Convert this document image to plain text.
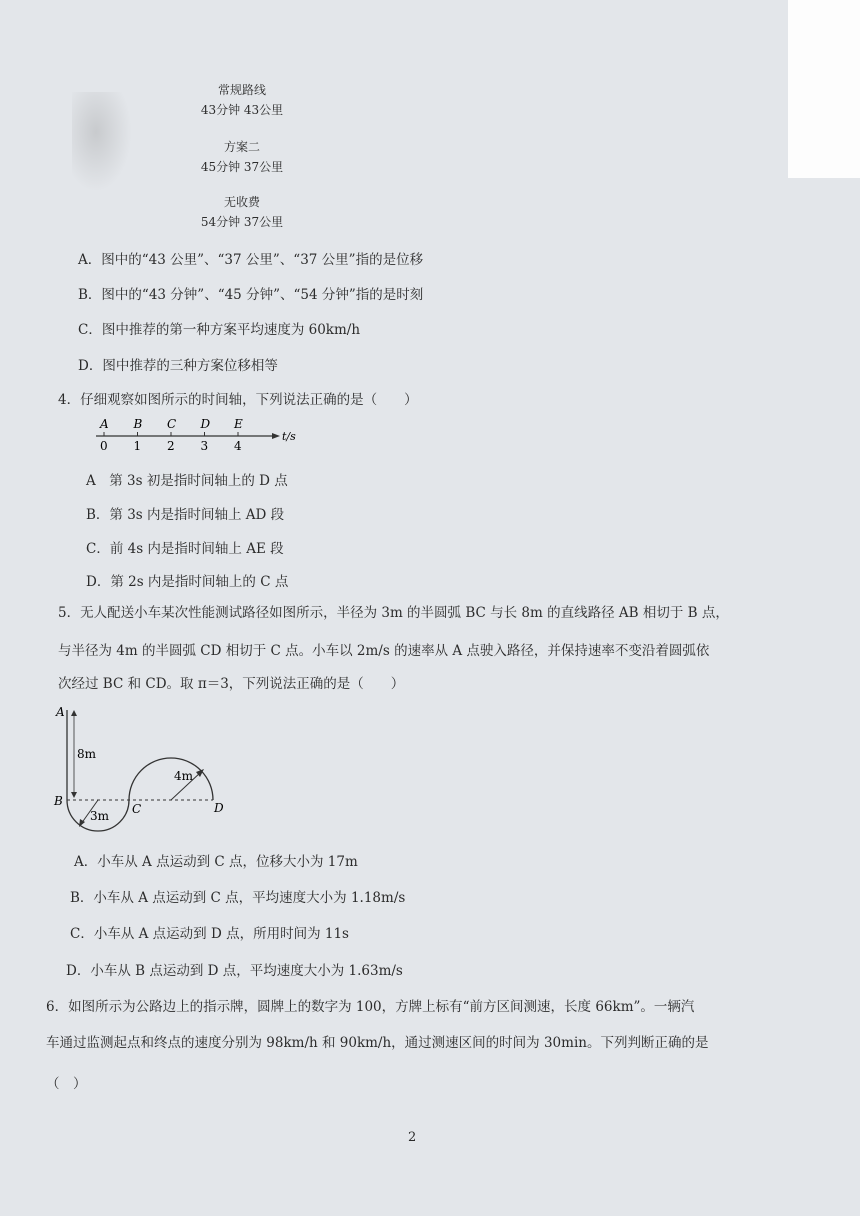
常规路线
43分钟 43公里
方案二
45分钟 37公里
无收费
54分钟 37公里
A．图中的“43 公里”、“37 公里”、“37 公里”指的是位移
B．图中的“43 分钟”、“45 分钟”、“54 分钟”指的是时刻
C．图中推荐的第一种方案平均速度为 60km/h
D．图中推荐的三种方案位移相等
4．仔细观察如图所示的时间轴，下列说法正确的是（　　）
A
0
B
1
C
2
D
3
E
4
t/s
A　第 3s 初是指时间轴上的 D 点
B．第 3s 内是指时间轴上 AD 段
C．前 4s 内是指时间轴上 AE 段
D．第 2s 内是指时间轴上的 C 点
5．无人配送小车某次性能测试路径如图所示，半径为 3m 的半圆弧 BC 与长 8m 的直线路径 AB 相切于 B 点，
与半径为 4m 的半圆弧 CD 相切于 C 点。小车以 2m/s 的速率从 A 点驶入路径，并保持速率不变沿着圆弧依
次经过 BC 和 CD。取 π＝3，下列说法正确的是（　　）
A
B
C	D
8m
3m
4m
A．小车从 A 点运动到 C 点，位移大小为 17m
B．小车从 A 点运动到 C 点，平均速度大小为 1.18m/s
C．小车从 A 点运动到 D 点，所用时间为 11s
D．小车从 B 点运动到 D 点，平均速度大小为 1.63m/s
6．如图所示为公路边上的指示牌，圆牌上的数字为 100，方牌上标有“前方区间测速，长度 66km”。一辆汽
车通过监测起点和终点的速度分别为 98km/h 和 90km/h，通过测速区间的时间为 30min。下列判断正确的是
（　）
2
